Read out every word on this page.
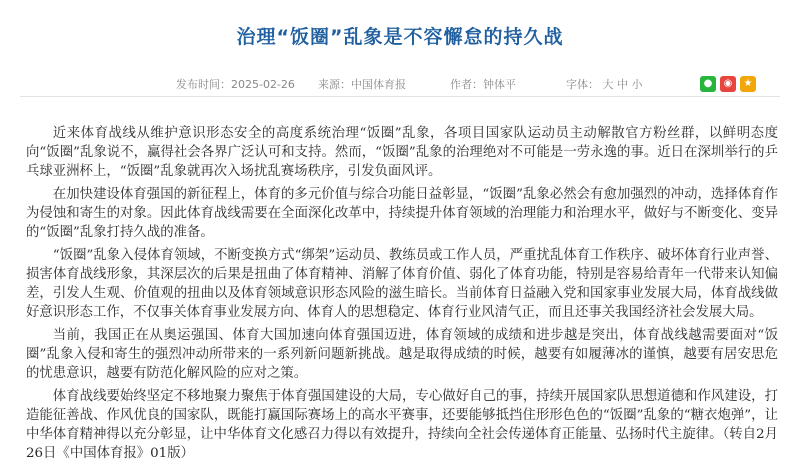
治理“饭圈”乱象是不容懈怠的持久战
发布时间：2025-02-26 来源：中国体育报	作者：钟体平	字体： 大 中 小	●	◉	★

近来体育战线从维护意识形态安全的高度系统治理“饭圈”乱象，各项目国家队运动员主动解散官方粉丝群，以鲜明态度向“饭圈”乱象说不，赢得社会各界广泛认可和支持。然而，“饭圈”乱象的治理绝对不可能是一劳永逸的事。近日在深圳举行的乒乓球亚洲杯上，“饭圈”乱象就再次入场扰乱赛场秩序，引发负面风评。

在加快建设体育强国的新征程上，体育的多元价值与综合功能日益彰显，“饭圈”乱象必然会有愈加强烈的冲动，选择体育作为侵蚀和寄生的对象。因此体育战线需要在全面深化改革中，持续提升体育领域的治理能力和治理水平，做好与不断变化、变异的“饭圈”乱象打持久战的准备。

“饭圈”乱象入侵体育领域，不断变换方式“绑架”运动员、教练员或工作人员，严重扰乱体育工作秩序、破坏体育行业声誉、损害体育战线形象，其深层次的后果是扭曲了体育精神、消解了体育价值、弱化了体育功能，特别是容易给青年一代带来认知偏差，引发人生观、价值观的扭曲以及体育领域意识形态风险的滋生暗长。当前体育日益融入党和国家事业发展大局，体育战线做好意识形态工作，不仅事关体育事业发展方向、体育人的思想稳定、体育行业风清气正，而且还事关我国经济社会发展大局。

当前，我国正在从奥运强国、体育大国加速向体育强国迈进，体育领域的成绩和进步越是突出，体育战线越需要面对“饭圈”乱象入侵和寄生的强烈冲动所带来的一系列新问题新挑战。越是取得成绩的时候，越要有如履薄冰的谨慎，越要有居安思危的忧患意识，越要有防范化解风险的应对之策。

体育战线要始终坚定不移地聚力聚焦于体育强国建设的大局，专心做好自己的事，持续开展国家队思想道德和作风建设，打造能征善战、作风优良的国家队，既能打赢国际赛场上的高水平赛事，还要能够抵挡住形形色色的“饭圈”乱象的“糖衣炮弹”，让中华体育精神得以充分彰显，让中华体育文化感召力得以有效提升，持续向全社会传递体育正能量、弘扬时代主旋律。（转自2月26日《中国体育报》01版）
